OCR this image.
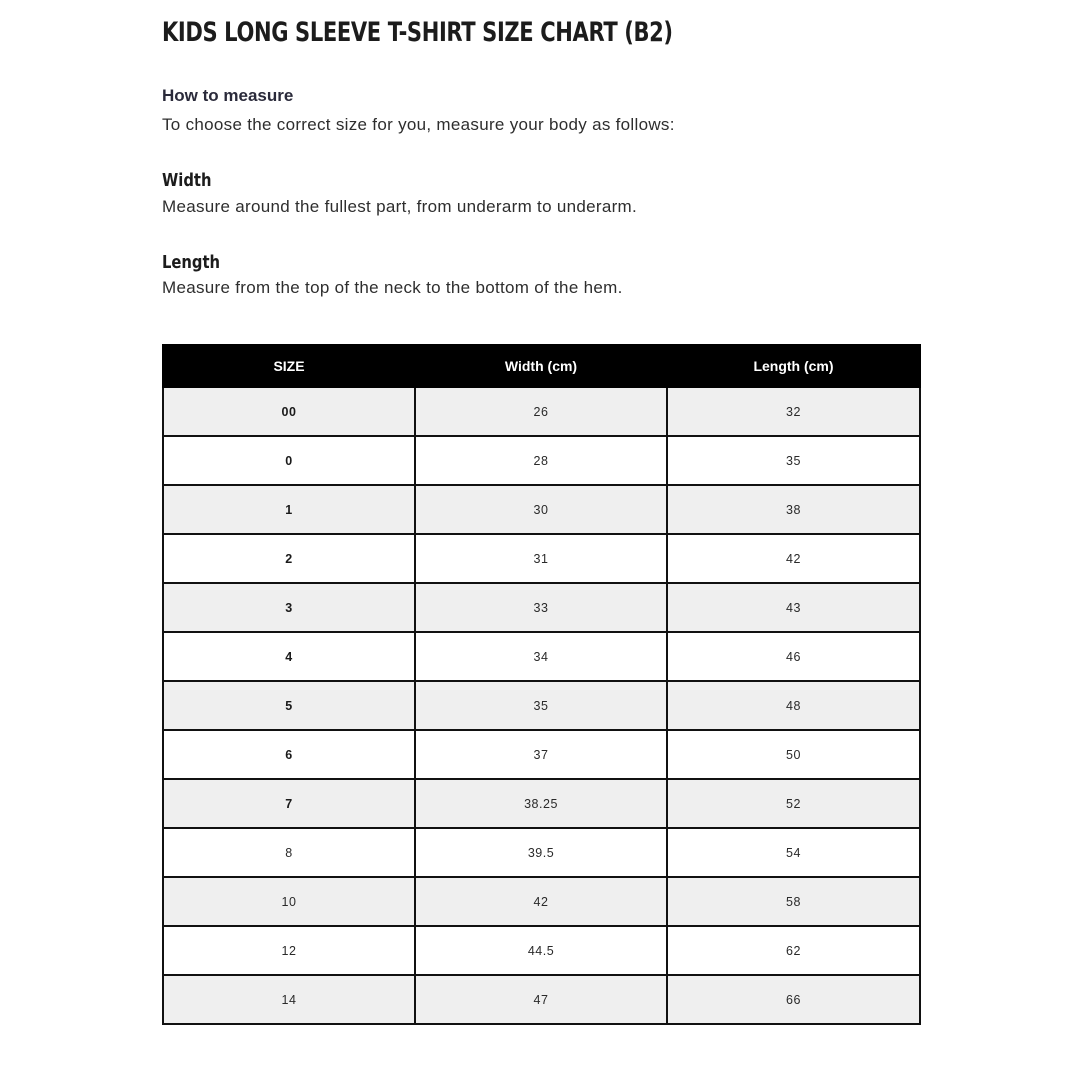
KIDS LONG SLEEVE T-SHIRT SIZE CHART (B2)
How to measure
To choose the correct size for you, measure your body as follows:
Width
Measure around the fullest part, from underarm to underarm.
Length
Measure from the top of the neck to the bottom of the hem.
SIZE	Width (cm)	Length (cm)
00	26	32
0	28	35
1	30	38
2	31	42
3	33	43
4	34	46
5	35	48
6	37	50
7	38.25	52
8	39.5	54
10	42	58
12	44.5	62
14	47	66
